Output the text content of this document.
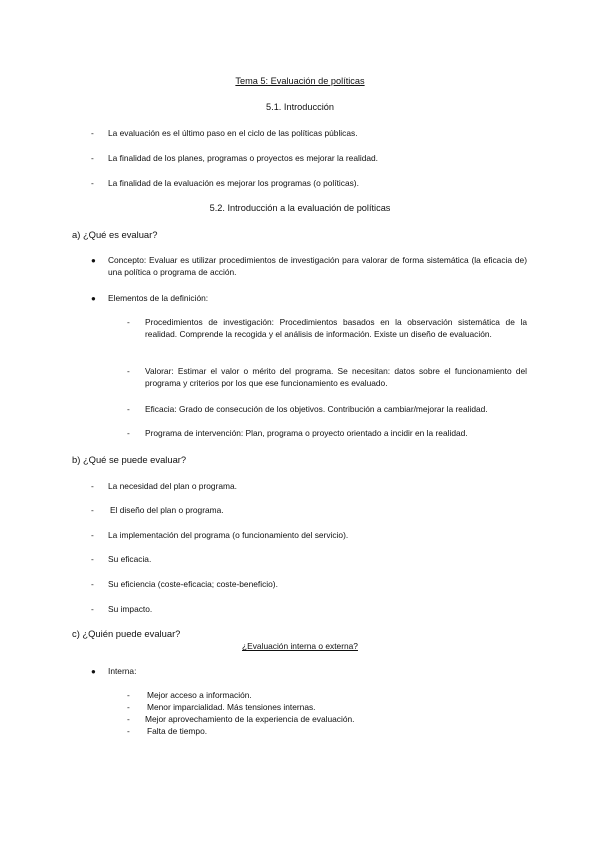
Tema 5: Evaluación de políticas
5.1. Introducción
- La evaluación es el último paso en el ciclo de las políticas públicas.
- La finalidad de los planes, programas o proyectos es mejorar la realidad.
- La finalidad de la evaluación es mejorar los programas (o políticas).
5.2. Introducción a la evaluación de políticas
a) ¿Qué es evaluar?
● Concepto: Evaluar es utilizar procedimientos de investigación para valorar de forma sistemática (la eficacia de) una política o programa de acción.
● Elementos de la definición:
- Procedimientos de investigación: Procedimientos basados en la observación sistemática de la realidad. Comprende la recogida y el análisis de información. Existe un diseño de evaluación.
- Valorar: Estimar el valor o mérito del programa. Se necesitan: datos sobre el funcionamiento del programa y criterios por los que ese funcionamiento es evaluado.
- Eficacia: Grado de consecución de los objetivos. Contribución a cambiar/mejorar la realidad.
- Programa de intervención: Plan, programa o proyecto orientado a incidir en la realidad.
b) ¿Qué se puede evaluar?
- La necesidad del plan o programa.
- El diseño del plan o programa.
- La implementación del programa (o funcionamiento del servicio).
- Su eficacia.
- Su eficiencia (coste-eficacia; coste-beneficio).
- Su impacto.
c) ¿Quién puede evaluar?
¿Evaluación interna o externa?
● Interna:
- Mejor acceso a información.
- Menor imparcialidad. Más tensiones internas.
- Mejor aprovechamiento de la experiencia de evaluación.
- Falta de tiempo.
